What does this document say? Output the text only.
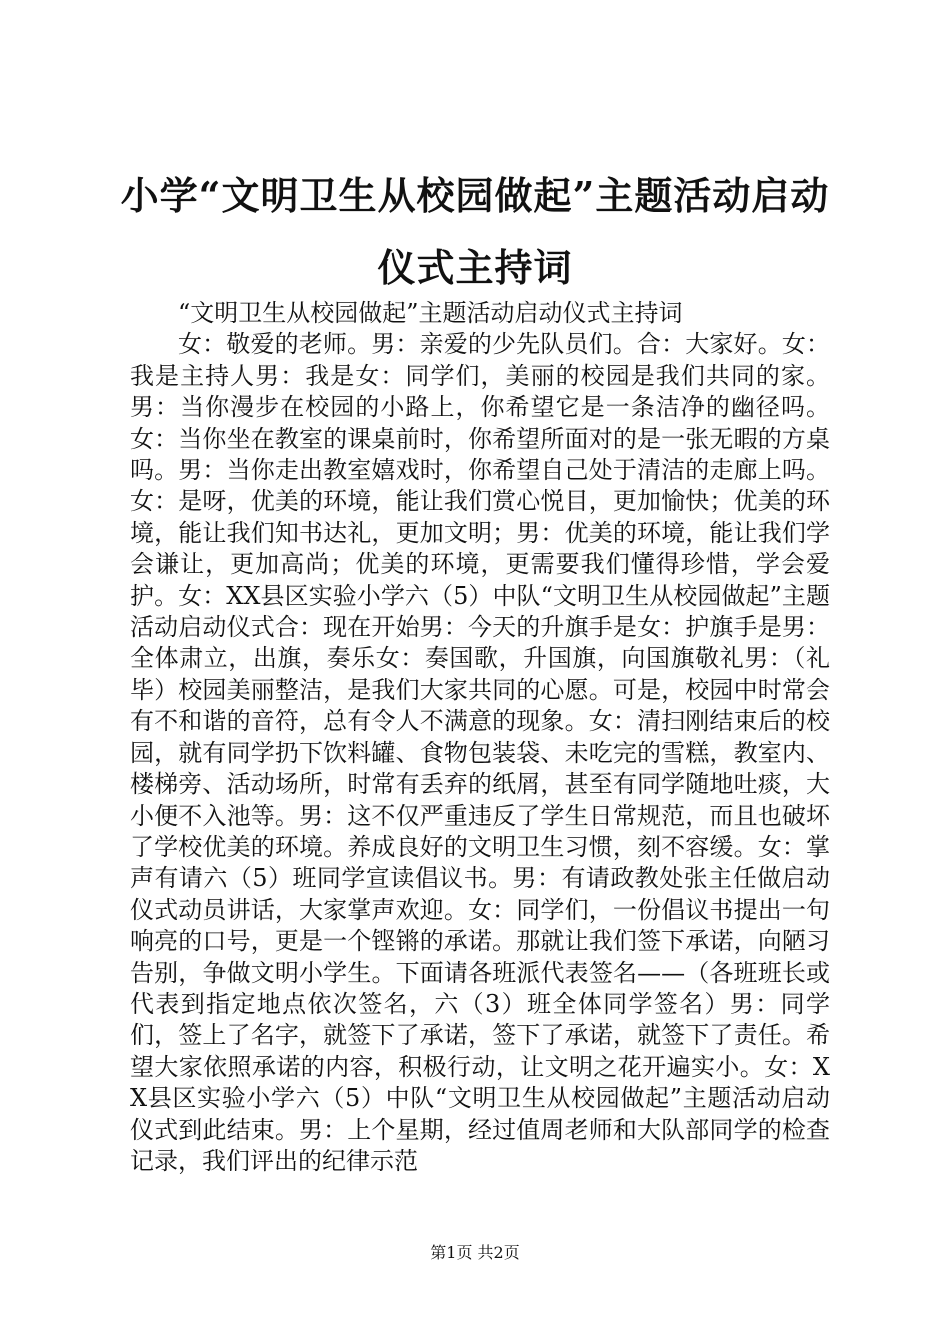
小学“文明卫生从校园做起”主题活动启动仪式主持词

“文明卫生从校园做起”主题活动启动仪式主持词

女：敬爱的老师。男：亲爱的少先队员们。合：大家好。女：我是主持人男：我是女：同学们，美丽的校园是我们共同的家。男：当你漫步在校园的小路上，你希望它是一条洁净的幽径吗。女：当你坐在教室的课桌前时，你希望所面对的是一张无暇的方桌吗。男：当你走出教室嬉戏时，你希望自己处于清洁的走廊上吗。女：是呀，优美的环境，能让我们赏心悦目，更加愉快；优美的环境，能让我们知书达礼，更加文明；男：优美的环境，能让我们学会谦让，更加高尚；优美的环境，更需要我们懂得珍惜，学会爱护。女：XX县区实验小学六（5）中队“文明卫生从校园做起”主题活动启动仪式合：现在开始男：今天的升旗手是女：护旗手是男：全体肃立，出旗，奏乐女：奏国歌，升国旗，向国旗敬礼男：（礼毕）校园美丽整洁，是我们大家共同的心愿。可是，校园中时常会有不和谐的音符，总有令人不满意的现象。女：清扫刚结束后的校园，就有同学扔下饮料罐、食物包装袋、未吃完的雪糕，教室内、楼梯旁、活动场所，时常有丢弃的纸屑，甚至有同学随地吐痰，大小便不入池等。男：这不仅严重违反了学生日常规范，而且也破坏了学校优美的环境。养成良好的文明卫生习惯，刻不容缓。女：掌声有请六（5）班同学宣读倡议书。男：有请政教处张主任做启动仪式动员讲话，大家掌声欢迎。女：同学们，一份倡议书提出一句响亮的口号，更是一个铿锵的承诺。那就让我们签下承诺，向陋习告别，争做文明小学生。下面请各班派代表签名——（各班班长或代表到指定地点依次签名，六（3）班全体同学签名）男：同学们，签上了名字，就签下了承诺，签下了承诺，就签下了责任。希望大家依照承诺的内容，积极行动，让文明之花开遍实小。女：XX县区实验小学六（5）中队“文明卫生从校园做起”主题活动启动仪式到此结束。男：上个星期，经过值周老师和大队部同学的检查记录，我们评出的纪律示范

第1页 共2页
